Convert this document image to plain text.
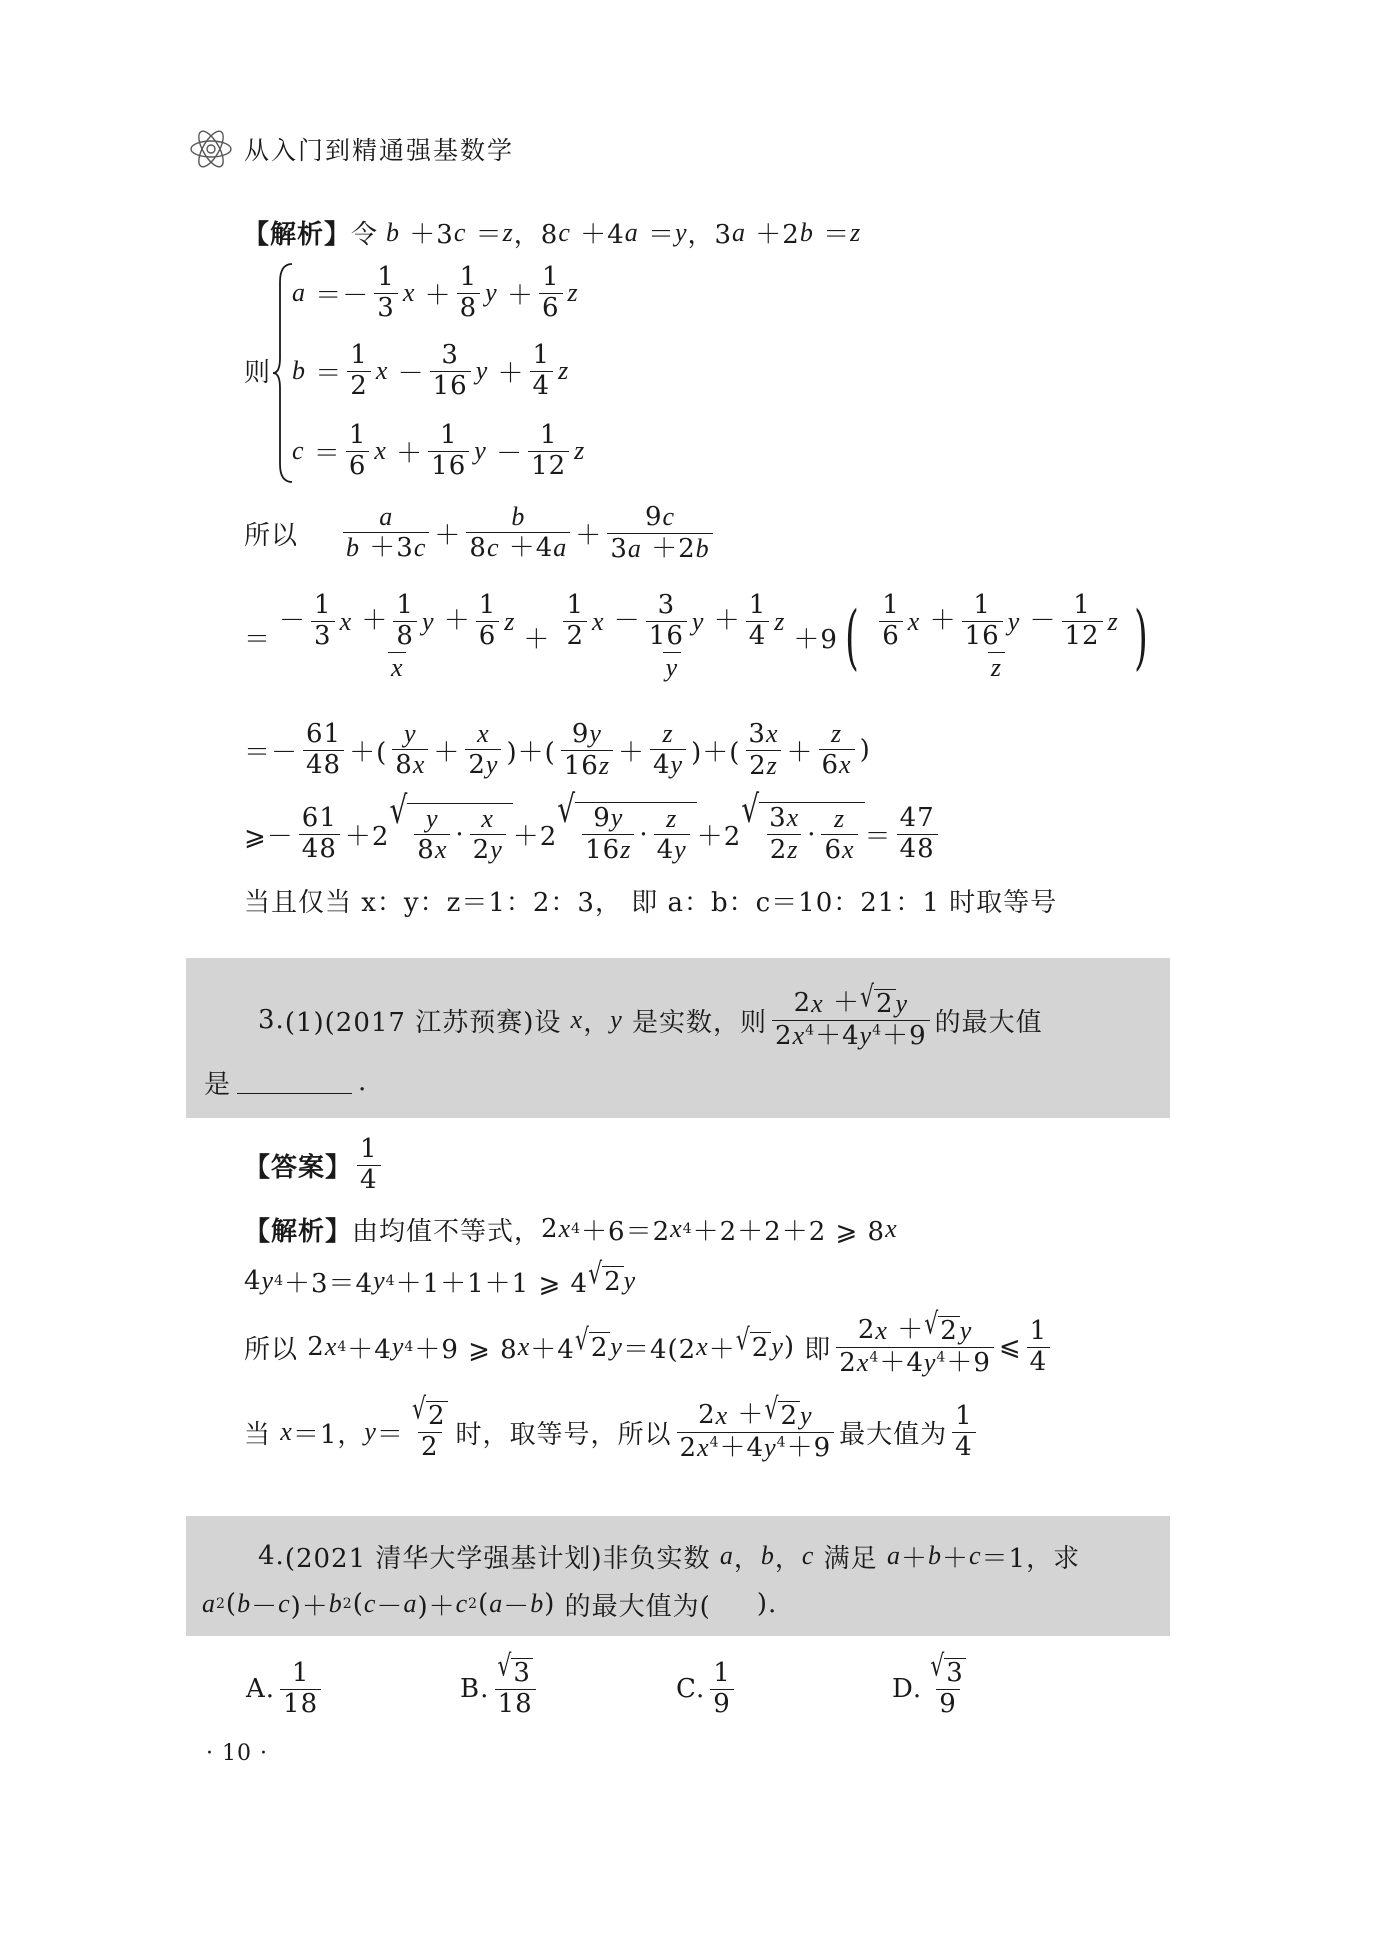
从入门到精通强基数学
【解析】 令 b ＋3 c ＝ z ，8 c ＋4 a ＝ y ，3 a ＋2 b ＝ z
则
$a =- \frac{1}{3}$ $x + \frac{1}{8}$ $y + \frac{1}{6}$ z
$b = \frac{1}{2}$ $x - \frac{3}{16}$ $y + \frac{1}{4}$ z
$c = \frac{1}{6}$ $x + \frac{1}{16}$ $y - \frac{1}{12}$ z
所以 $\frac{a}{b +3c} + \frac{b}{8c +4a} + \frac{9c}{3a +2b}$
＝ $\frac{- \frac{1}{3} x + \frac{1}{8} y + \frac{1}{6} z}{x} + \frac{\frac{1}{2} x - \frac{3}{16} y + \frac{1}{4} z}{y} +9$ ( $\frac{\frac{1}{6} x + \frac{1}{16} y - \frac{1}{12} z}{z}$ )
＝－ $\frac{61}{48}$ ＋( $\frac{y}{8x} + \frac{x}{2y}$ )＋( $\frac{9y}{16z} + \frac{z}{4y}$ )＋( $\frac{3x}{2z} + \frac{z}{6x}$ )
⩾－ $\frac{61}{48} +2$
√ $\frac{y}{8x} \cdot \frac{x}{2y} +2$
√ $\frac{9y}{16z} \cdot \frac{z}{4y} +2$
√ $\frac{3x}{2z} \cdot \frac{z}{6x} = \frac{47}{48}$
当且仅当 x：y：z＝1：2：3， 即 a：b：c＝10：21：1 时取等号
3. (1)(2017 江苏预赛) 设
x ， y
是实数，则 $\frac{2 x + √ 2 y}{2x^4+4y^4+9}$ 的最大值
是	.
【答案】 $\frac{1}{4}$
【解析】 由均值不等式， 2 x 4 ＋6＝2 x 4 ＋2＋2＋2 ⩾ 8 x
4 y 4 ＋3＝4 y 4 ＋1＋1＋1 ⩾ 4 √ 2 y
所以 2 x 4 ＋4 y 4 ＋9 ⩾ 8 x ＋4 √ 2 y ＝4(2 x ＋ √ 2 y ) 即 $\frac{2 x + √ 2 y}{2x^4+4y^4+9}$ ⩽ $\frac{1}{4}$
当
x ＝1， $y = \frac{√ 2}{2}$ 时，取等号，所以 $\frac{2 x + √ 2 y}{2x^4+4y^4+9}$ 最大值为 $\frac{1}{4}$
4. (2021 清华大学强基计划) 非负实数
a ， b ， c
满足
a ＋ b ＋ c ＝1 ，求
a 2 ( b － c )＋ b 2 ( c － a )＋ c 2 ( a － b ) 的最大值为( ).
A. $\frac{1}{18}$	B. $\frac{√ 3}{18}$	C. $\frac{1}{9}$	D. $\frac{√ 3}{9}$
· 10 ·
